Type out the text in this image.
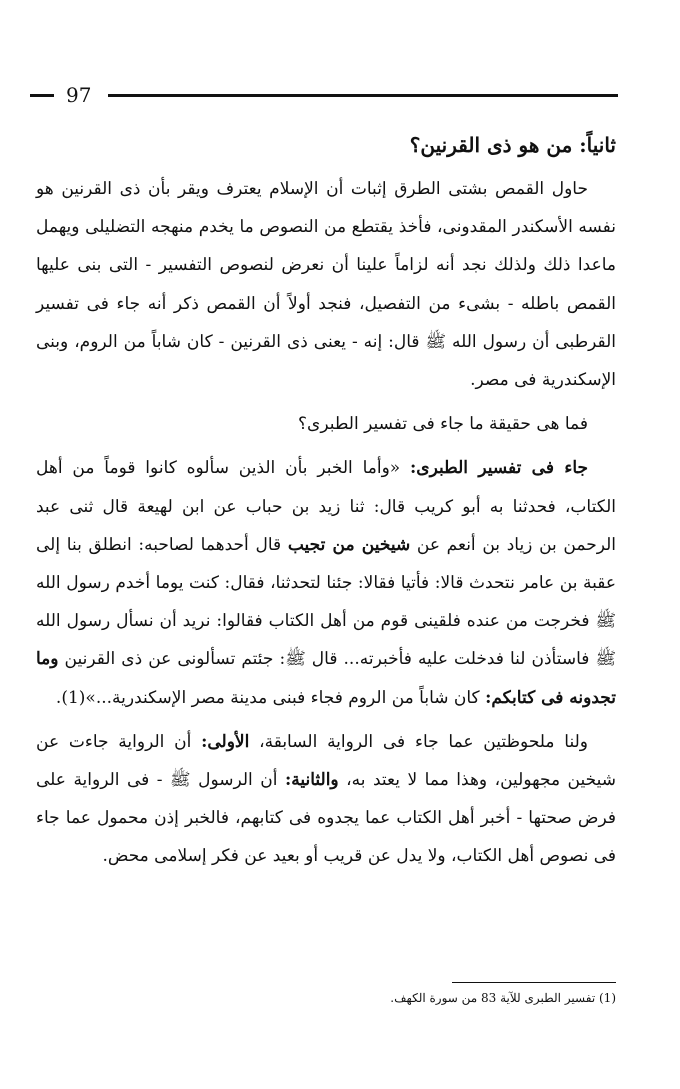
97
ثانياً: من هو ذى القرنين؟

حاول القمص بشتى الطرق إثبات أن الإسلام يعترف ويقر بأن ذى القرنين هو نفسه الأسكندر المقدونى، فأخذ يقتطع من النصوص ما يخدم منهجه التضليلى ويهمل ماعدا ذلك ولذلك نجد أنه لزاماً علينا أن نعرض لنصوص التفسير - التى بنى عليها القمص باطله - بشىء من التفصيل، فنجد أولاً أن القمص ذكر أنه جاء فى تفسير القرطبى أن رسول الله ﷺ قال: إنه - يعنى ذى القرنين - كان شاباً من الروم، وبنى الإسكندرية فى مصر.

فما هى حقيقة ما جاء فى تفسير الطبرى؟

جاء فى تفسير الطبرى: «وأما الخبر بأن الذين سألوه كانوا قوماً من أهل الكتاب، فحدثنا به أبو كريب قال: ثنا زيد بن حباب عن ابن لهيعة قال ثنى عبد الرحمن بن زياد بن أنعم عن شيخين من تجيب قال أحدهما لصاحبه: انطلق بنا إلى عقبة بن عامر نتحدث قالا: فأتيا فقالا: جئنا لتحدثنا، فقال: كنت يوما أخدم رسول الله ﷺ فخرجت من عنده فلقينى قوم من أهل الكتاب فقالوا: نريد أن نسأل رسول الله ﷺ فاستأذن لنا فدخلت عليه فأخبرته... قال ﷺ: جئتم تسألونى عن ذى القرنين وما تجدونه فى كتابكم: كان شاباً من الروم فجاء فبنى مدينة مصر الإسكندرية...»(1).

ولنا ملحوظتين عما جاء فى الرواية السابقة، الأولى: أن الرواية جاءت عن شيخين مجهولين، وهذا مما لا يعتد به، والثانية: أن الرسول ﷺ - فى الرواية على فرض صحتها - أخبر أهل الكتاب عما يجدوه فى كتابهم، فالخبر إذن محمول عما جاء فى نصوص أهل الكتاب، ولا يدل عن قريب أو بعيد عن فكر إسلامى محض.

(1) تفسير الطبرى للآية 83 من سورة الكهف.
